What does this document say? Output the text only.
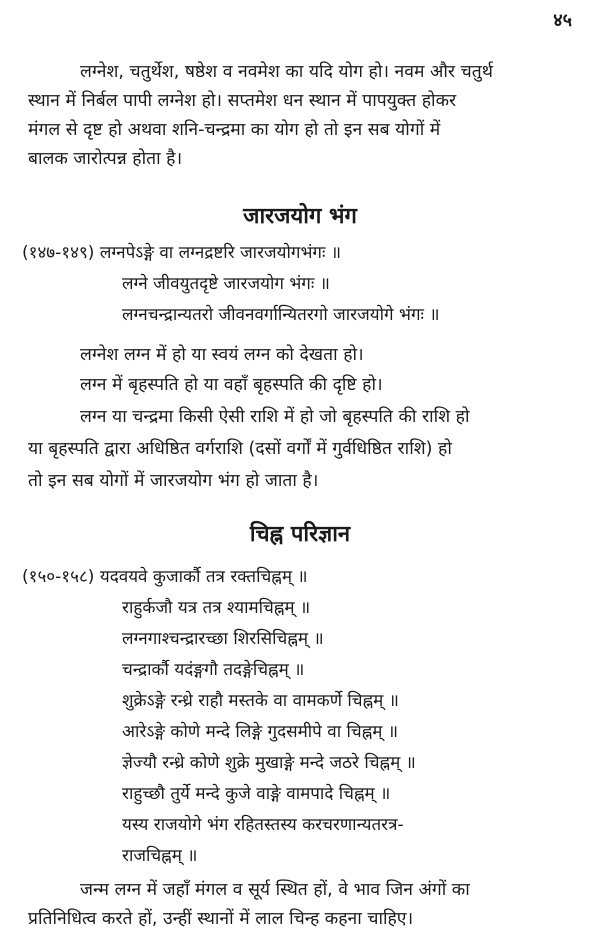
४५
लग्नेश, चतुर्थेश, षष्ठेश व नवमेश का यदि योग हो। नवम और चतुर्थ
स्थान में निर्बल पापी लग्नेश हो। सप्तमेश धन स्थान में पापयुक्त होकर
मंगल से दृष्ट हो अथवा शनि-चन्द्रमा का योग हो तो इन सब योगों में
बालक जारोत्पन्न होता है।
जारजयोग भंग
(१४७-१४९) लग्नपेऽङ्गे वा लग्नद्रष्टरि जारजयोगभंगः ॥
लग्ने जीवयुतदृष्टे जारजयोग भंगः ॥
लग्नचन्द्रान्यतरो जीवनवर्गान्यितरगो जारजयोगे भंगः ॥
लग्नेश लग्न में हो या स्वयं लग्न को देखता हो।
लग्न में बृहस्पति हो या वहाँ बृहस्पति की दृष्टि हो।
लग्न या चन्द्रमा किसी ऐसी राशि में हो जो बृहस्पति की राशि हो
या बृहस्पति द्वारा अधिष्ठित वर्गराशि (दसों वर्गों में गुर्वधिष्ठित राशि) हो
तो इन सब योगों में जारजयोग भंग हो जाता है।
चिह्न परिज्ञान
(१५०-१५८) यदवयवे कुजार्कौ तत्र रक्तचिह्नम् ॥
राहुर्कजौ यत्र तत्र श्यामचिह्नम् ॥
लग्नगाश्चन्द्रारच्छा शिरसिचिह्नम् ॥
चन्द्रार्कौ यदंङ्गगौ तदङ्गेचिह्नम् ॥
शुक्रेऽङ्गे रन्ध्रे राहौ मस्तके वा वामकर्णे चिह्नम् ॥
आरेऽङ्गे कोणे मन्दे लिङ्गे गुदसमीपे वा चिह्नम् ॥
ज्ञेज्यौ रन्ध्रे कोणे शुक्रे मुखाङ्गे मन्दे जठरे चिह्नम् ॥
राहुच्छौ तुर्ये मन्दे कुजे वाङ्गे वामपादे चिह्नम् ॥
यस्य राजयोगे भंग रहितस्तस्य करचरणान्यतरत्र-
राजचिह्नम् ॥
जन्म लग्न में जहाँ मंगल व सूर्य स्थित हों, वे भाव जिन अंगों का
प्रतिनिधित्व करते हों, उन्हीं स्थानों में लाल चिन्ह कहना चाहिए।
